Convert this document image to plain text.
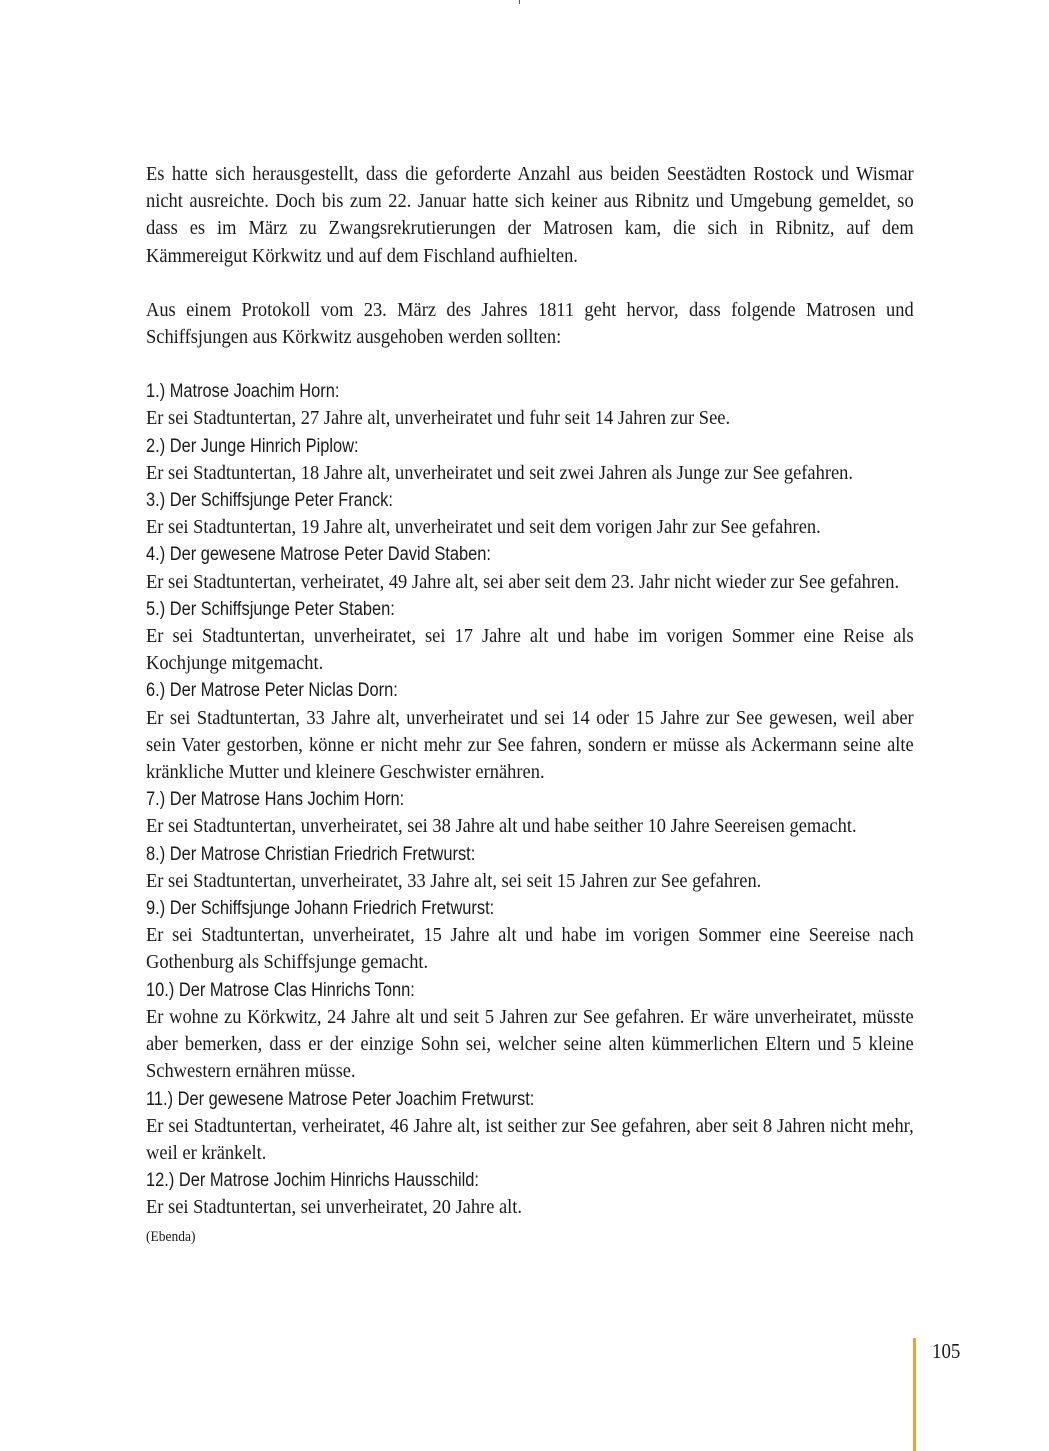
Es hatte sich herausgestellt, dass die geforderte Anzahl aus beiden Seestädten Rostock und Wismar nicht ausreichte. Doch bis zum 22. Januar hatte sich keiner aus Ribnitz und Umgebung gemeldet, so dass es im März zu Zwangsrekrutierungen der Matrosen kam, die sich in Ribnitz, auf dem Kämmereigut Körkwitz und auf dem Fischland aufhielten.

Aus einem Protokoll vom 23. März des Jahres 1811 geht hervor, dass folgende Matrosen und Schiffsjungen aus Körkwitz ausgehoben werden sollten:

1.) Matrose Joachim Horn:

Er sei Stadtuntertan, 27 Jahre alt, unverheiratet und fuhr seit 14 Jahren zur See.

2.) Der Junge Hinrich Piplow:

Er sei Stadtuntertan, 18 Jahre alt, unverheiratet und seit zwei Jahren als Junge zur See gefahren.

3.) Der Schiffsjunge Peter Franck:

Er sei Stadtuntertan, 19 Jahre alt, unverheiratet und seit dem vorigen Jahr zur See gefahren.

4.) Der gewesene Matrose Peter David Staben:

Er sei Stadtuntertan, verheiratet, 49 Jahre alt, sei aber seit dem 23. Jahr nicht wieder zur See gefahren.

5.) Der Schiffsjunge Peter Staben:

Er sei Stadtuntertan, unverheiratet, sei 17 Jahre alt und habe im vorigen Sommer eine Reise als Kochjunge mitgemacht.

6.) Der Matrose Peter Niclas Dorn:

Er sei Stadtuntertan, 33 Jahre alt, unverheiratet und sei 14 oder 15 Jahre zur See gewesen, weil aber sein Vater gestorben, könne er nicht mehr zur See fahren, sondern er müsse als Ackermann seine alte kränkliche Mutter und kleinere Geschwister ernähren.

7.) Der Matrose Hans Jochim Horn:

Er sei Stadtuntertan, unverheiratet, sei 38 Jahre alt und habe seither 10 Jahre Seereisen gemacht.

8.) Der Matrose Christian Friedrich Fretwurst:

Er sei Stadtuntertan, unverheiratet, 33 Jahre alt, sei seit 15 Jahren zur See gefahren.

9.) Der Schiffsjunge Johann Friedrich Fretwurst:

Er sei Stadtuntertan, unverheiratet, 15 Jahre alt und habe im vorigen Sommer eine Seereise nach Gothenburg als Schiffsjunge gemacht.

10.) Der Matrose Clas Hinrichs Tonn:

Er wohne zu Körkwitz, 24 Jahre alt und seit 5 Jahren zur See gefahren. Er wäre unverheiratet, müsste aber bemerken, dass er der einzige Sohn sei, welcher seine alten kümmerlichen Eltern und 5 kleine Schwestern ernähren müsse.

11.) Der gewesene Matrose Peter Joachim Fretwurst:

Er sei Stadtuntertan, verheiratet, 46 Jahre alt, ist seither zur See gefahren, aber seit 8 Jahren nicht mehr, weil er kränkelt.

12.) Der Matrose Jochim Hinrichs Hausschild:

Er sei Stadtuntertan, sei unverheiratet, 20 Jahre alt.

(Ebenda)

105
